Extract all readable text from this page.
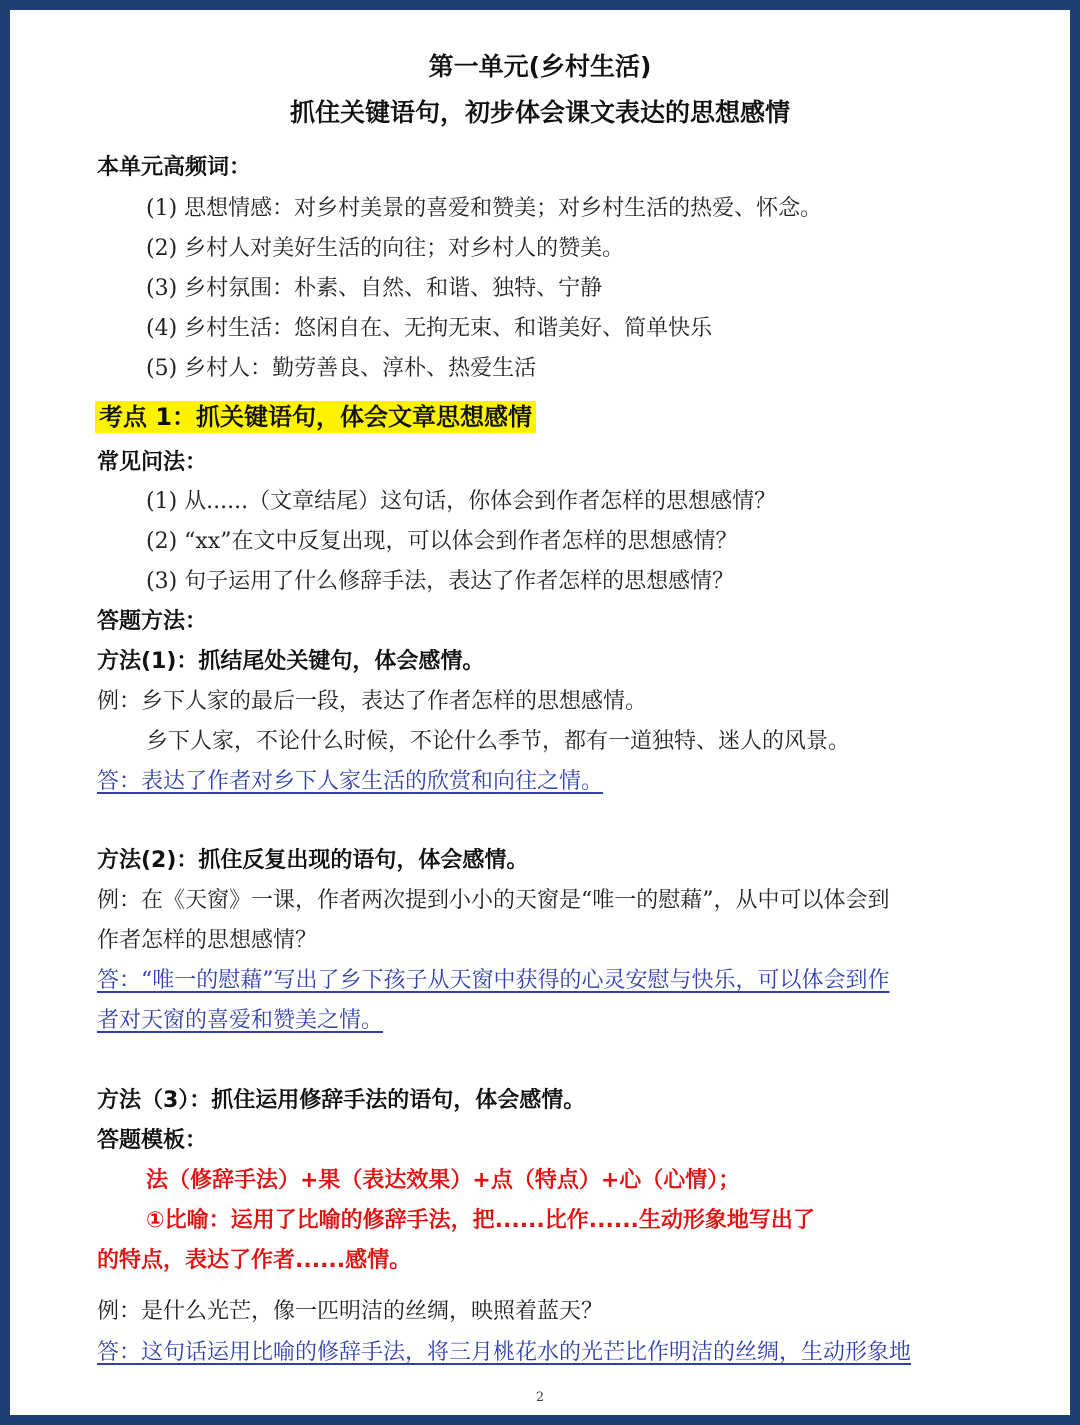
第一单元(乡村生活)
抓住关键语句，初步体会课文表达的思想感情
本单元高频词：
(1) 思想情感：对乡村美景的喜爱和赞美；对乡村生活的热爱、怀念。
(2) 乡村人对美好生活的向往；对乡村人的赞美。
(3) 乡村氛围：朴素、自然、和谐、独特、宁静
(4) 乡村生活：悠闲自在、无拘无束、和谐美好、简单快乐
(5) 乡村人：勤劳善良、淳朴、热爱生活
考点 1：抓关键语句，体会文章思想感情
常见问法：
(1) 从......（文章结尾）这句话，你体会到作者怎样的思想感情？
(2) “xx”在文中反复出现，可以体会到作者怎样的思想感情？
(3) 句子运用了什么修辞手法，表达了作者怎样的思想感情？
答题方法：
方法(1)：抓结尾处关键句，体会感情。
例：乡下人家的最后一段，表达了作者怎样的思想感情。
乡下人家，不论什么时候，不论什么季节，都有一道独特、迷人的风景。
答：表达了作者对乡下人家生活的欣赏和向往之情。
方法(2)：抓住反复出现的语句，体会感情。
例：在《天窗》一课，作者两次提到小小的天窗是“唯一的慰藉”，从中可以体会到
作者怎样的思想感情？
答：“唯一的慰藉”写出了乡下孩子从天窗中获得的心灵安慰与快乐，可以体会到作
者对天窗的喜爱和赞美之情。
方法（3）：抓住运用修辞手法的语句，体会感情。
答题模板：
法（修辞手法）+果（表达效果）+点（特点）+心（心情）；
①比喻：运用了比喻的修辞手法，把......比作......生动形象地写出了
的特点，表达了作者......感情。
例：是什么光芒，像一匹明洁的丝绸，映照着蓝天？
答：这句话运用比喻的修辞手法，将三月桃花水的光芒比作明洁的丝绸，生动形象地
2
